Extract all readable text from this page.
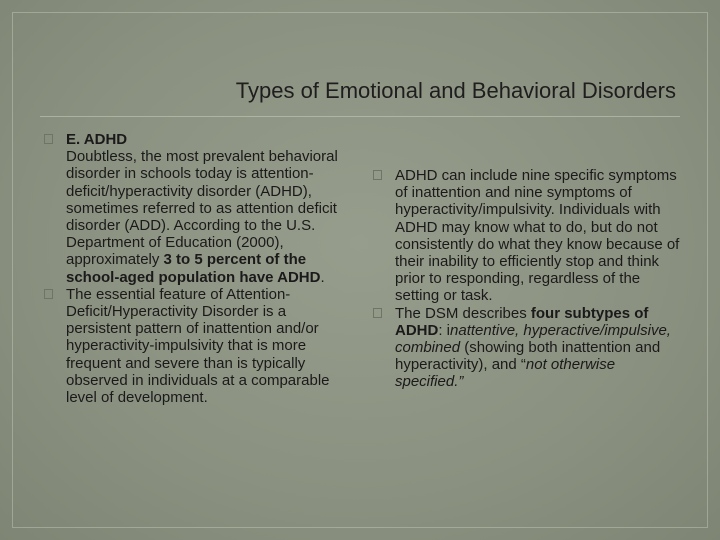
Types of Emotional and Behavioral Disorders
E. ADHD
Doubtless, the most prevalent behavioral disorder in schools today is attention-deficit/hyperactivity disorder (ADHD), sometimes referred to as attention deficit disorder (ADD). According to the U.S. Department of Education (2000), approximately 3 to 5 percent of the school-aged population have ADHD.
The essential feature of Attention-Deficit/Hyperactivity Disorder is a persistent pattern of inattention and/or hyperactivity-impulsivity that is more frequent and severe than is typically observed in individuals at a comparable level of development.
ADHD can include nine specific symptoms of inattention and nine symptoms of hyperactivity/impulsivity. Individuals with ADHD may know what to do, but do not consistently do what they know because of their inability to efficiently stop and think prior to responding, regardless of the setting or task.
The DSM describes four subtypes of ADHD: inattentive, hyperactive/impulsive, combined (showing both inattention and hyperactivity), and “not otherwise specified.”
